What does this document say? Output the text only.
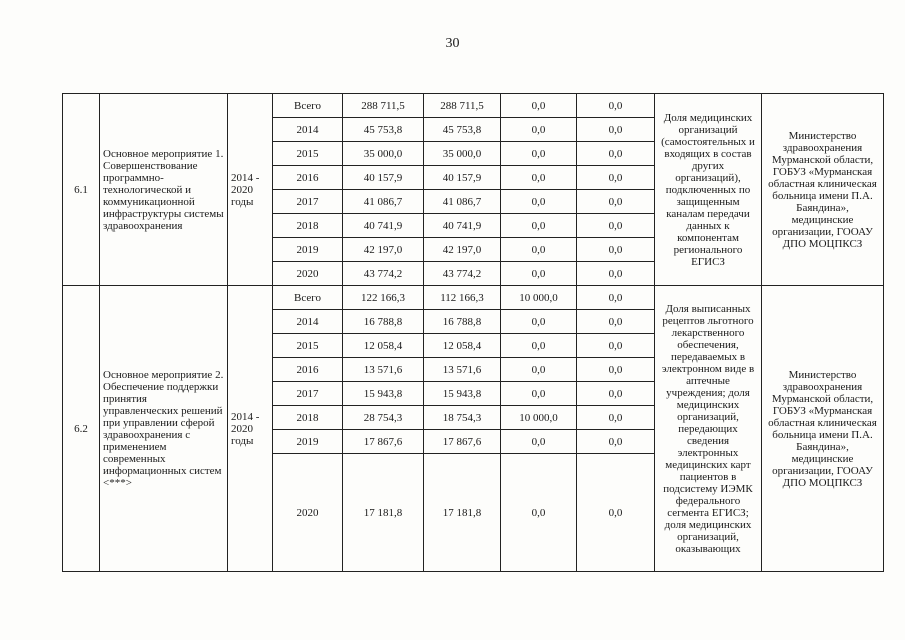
30
6.1	Основное мероприятие 1. Совершенствование программно-технологической и коммуникационной инфраструктуры системы здравоохранения	2014 - 2020 годы	Всего	288 711,5	288 711,5	0,0	0,0	Доля медицинских организаций (самостоятельных и входящих в состав других организаций), подключенных по защищенным каналам передачи данных к компонентам регионального ЕГИСЗ	Министерство здравоохранения Мурманской области, ГОБУЗ «Мурманская областная клиническая больница имени П.А. Баяндина», медицинские организации, ГООАУ ДПО МОЦПКСЗ
			2014	45 753,8	45 753,8	0,0	0,0		
			2015	35 000,0	35 000,0	0,0	0,0		
			2016	40 157,9	40 157,9	0,0	0,0		
			2017	41 086,7	41 086,7	0,0	0,0		
			2018	40 741,9	40 741,9	0,0	0,0		
			2019	42 197,0	42 197,0	0,0	0,0		
			2020	43 774,2	43 774,2	0,0	0,0		
6.2	Основное мероприятие 2. Обеспечение поддержки принятия управленческих решений при управлении сферой здравоохранения с применением современных информационных систем <***>	2014 - 2020 годы	Всего	122 166,3	112 166,3	10 000,0	0,0	Доля выписанных рецептов льготного лекарственного обеспечения, передаваемых в электронном виде в аптечные учреждения; доля медицинских организаций, передающих сведения электронных медицинских карт пациентов в подсистему ИЭМК федерального сегмента ЕГИСЗ; доля медицинских организаций, оказывающих	Министерство здравоохранения Мурманской области, ГОБУЗ «Мурманская областная клиническая больница имени П.А. Баяндина», медицинские организации, ГООАУ ДПО МОЦПКСЗ
			2014	16 788,8	16 788,8	0,0	0,0		
			2015	12 058,4	12 058,4	0,0	0,0		
			2016	13 571,6	13 571,6	0,0	0,0		
			2017	15 943,8	15 943,8	0,0	0,0		
			2018	28 754,3	18 754,3	10 000,0	0,0		
			2019	17 867,6	17 867,6	0,0	0,0		
			2020	17 181,8	17 181,8	0,0	0,0		
